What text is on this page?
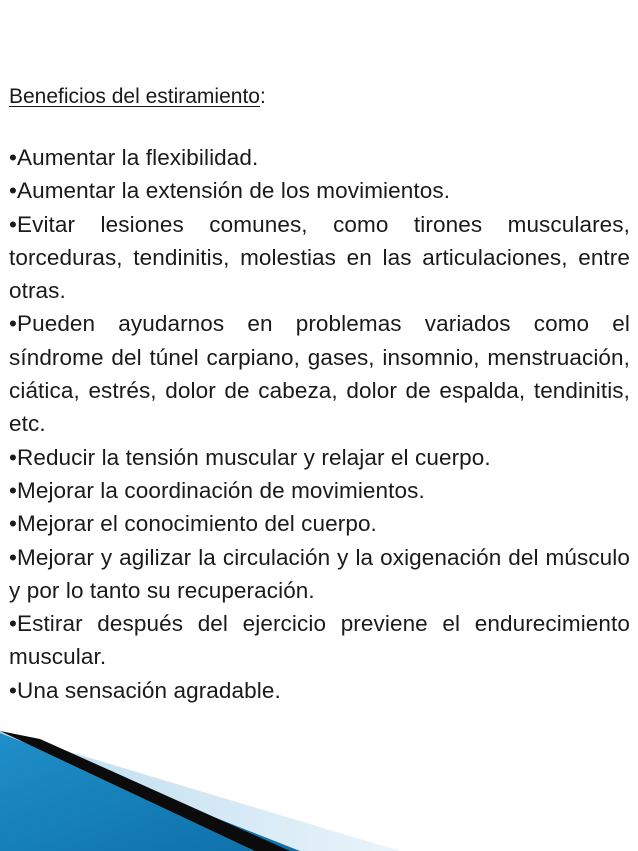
Beneficios del estiramiento:
•Aumentar la flexibilidad.
•Aumentar la extensión de los movimientos.
•Evitar lesiones comunes, como tirones musculares, torceduras, tendinitis, molestias en las articulaciones, entre otras.
•Pueden ayudarnos en problemas variados como el síndrome del túnel carpiano, gases, insomnio, menstruación, ciática, estrés, dolor de cabeza, dolor de espalda, tendinitis, etc.
•Reducir la tensión muscular y relajar el cuerpo.
•Mejorar la coordinación de movimientos.
•Mejorar el conocimiento del cuerpo.
•Mejorar y agilizar la circulación y la oxigenación del músculo y por lo tanto su recuperación.
•Estirar después del ejercicio previene el endurecimiento muscular.
•Una sensación agradable.
